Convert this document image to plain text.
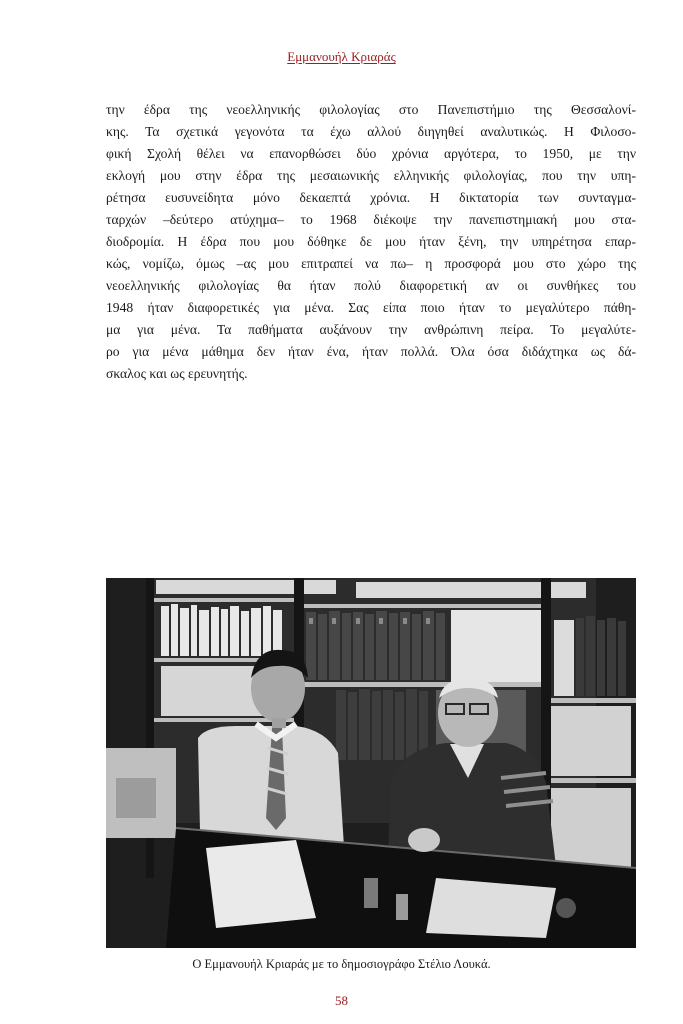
Εμμανουήλ Κριαράς
την έδρα της νεοελληνικής φιλολογίας στο Πανεπιστήμιο της Θεσσαλονί-
κης. Τα σχετικά γεγονότα τα έχω αλλού διηγηθεί αναλυτικώς. Η Φιλοσο-
φική Σχολή θέλει να επανορθώσει δύο χρόνια αργότερα, το 1950, με την
εκλογή μου στην έδρα της μεσαιωνικής ελληνικής φιλολογίας, που την υπη-
ρέτησα ευσυνείδητα μόνο δεκαεπτά χρόνια. Η δικτατορία των συνταγμα-
ταρχών –δεύτερο ατύχημα– το 1968 διέκοψε την πανεπιστημιακή μου στα-
διοδρομία. Η έδρα που μου δόθηκε δε μου ήταν ξένη, την υπηρέτησα επαρ-
κώς, νομίζω, όμως –ας μου επιτραπεί να πω– η προσφορά μου στο χώρο της
νεοελληνικής φιλολογίας θα ήταν πολύ διαφορετική αν οι συνθήκες του
1948 ήταν διαφορετικές για μένα. Σας είπα ποιο ήταν το μεγαλύτερο πάθη-
μα για μένα. Τα παθήματα αυξάνουν την ανθρώπινη πείρα. Το μεγαλύτε-
ρο για μένα μάθημα δεν ήταν ένα, ήταν πολλά. Όλα όσα διδάχτηκα ως δά-
σκαλος και ως ερευνητής.
Ο Εμμανουήλ Κριαράς με το δημοσιογράφο Στέλιο Λουκά.
58
